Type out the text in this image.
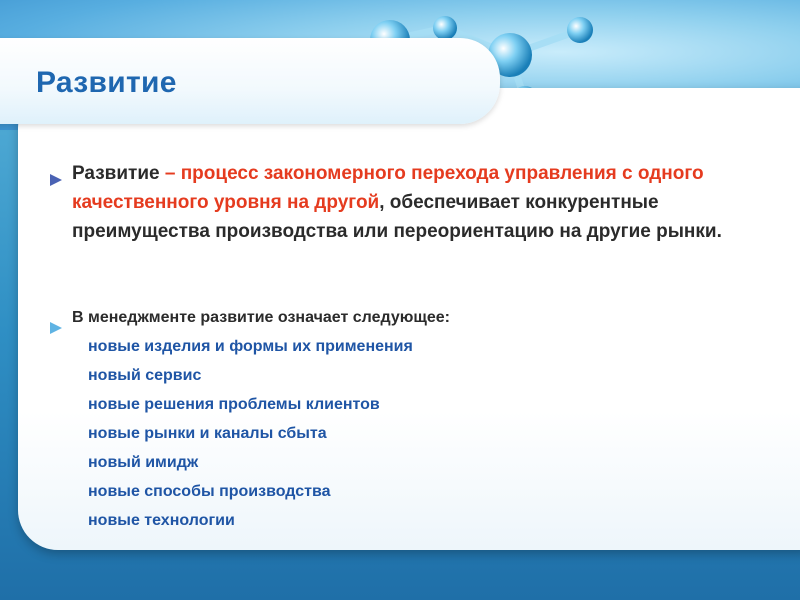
Развитие

Развитие – процесс закономерного перехода управления с одного качественного уровня на другой, обеспечивает конкурентные преимущества производства или переориентацию на другие рынки.

В менеджменте развитие означает следующее:

новые изделия и формы их применения
новый сервис
новые решения проблемы клиентов
новые рынки и каналы сбыта
новый имидж
новые способы производства
новые технологии
